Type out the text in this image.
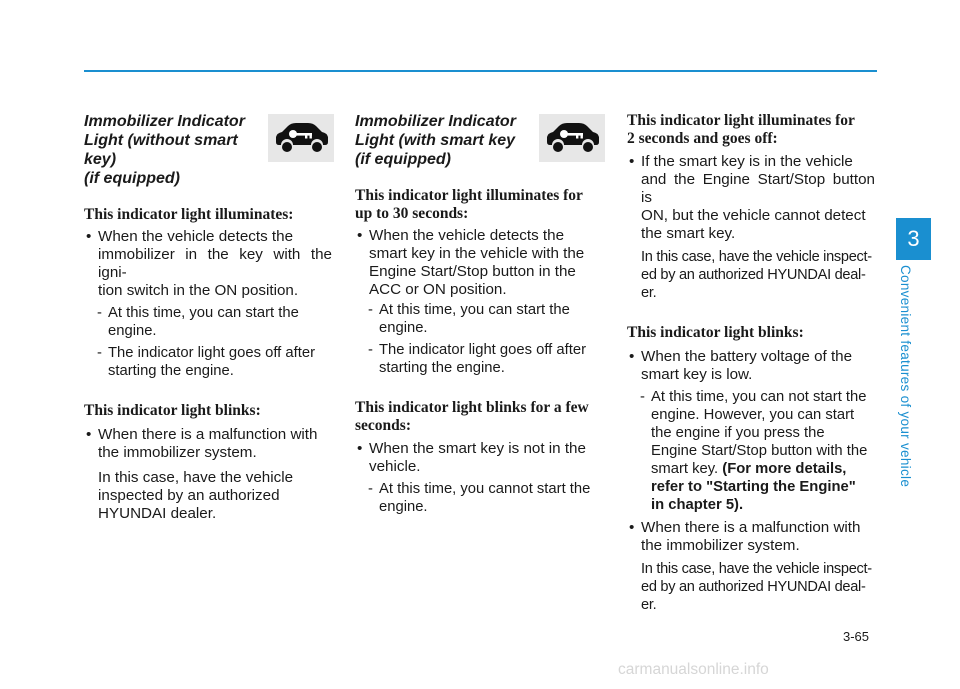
Immobilizer Indicator
Light (without smart key)
(if equipped)

This indicator light illuminates:

• When the vehicle detects the
immobilizer in the key with the igni-
tion switch in the ON position.

- At this time, you can start the
engine.

- The indicator light goes off after
starting the engine.

This indicator light blinks:

• When there is a malfunction with
the immobilizer system.

In this case, have the vehicle
inspected by an authorized
HYUNDAI dealer.

Immobilizer Indicator
Light (with smart key
(if equipped)

This indicator light illuminates for
up to 30 seconds:

• When the vehicle detects the
smart key in the vehicle with the
Engine Start/Stop button in the
ACC or ON position.

- At this time, you can start the
engine.

- The indicator light goes off after
starting the engine.

This indicator light blinks for a few
seconds:

• When the smart key is not in the
vehicle.

- At this time, you cannot start the
engine.

This indicator light illuminates for
2 seconds and goes off:

• If the smart key is in the vehicle
and the Engine Start/Stop button is
ON, but the vehicle cannot detect
the smart key.

In this case, have the vehicle inspect-
ed by an authorized HYUNDAI deal-
er.

This indicator light blinks:

• When the battery voltage of the
smart key is low.

- At this time, you can not start the
engine. However, you can start
the engine if you press the
Engine Start/Stop button with the
smart key. (For more details,
refer to "Starting the Engine"
in chapter 5).

• When there is a malfunction with
the immobilizer system.

In this case, have the vehicle inspect-
ed by an authorized HYUNDAI deal-
er.

3
Convenient features of your vehicle
3-65
carmanualsonline.info
